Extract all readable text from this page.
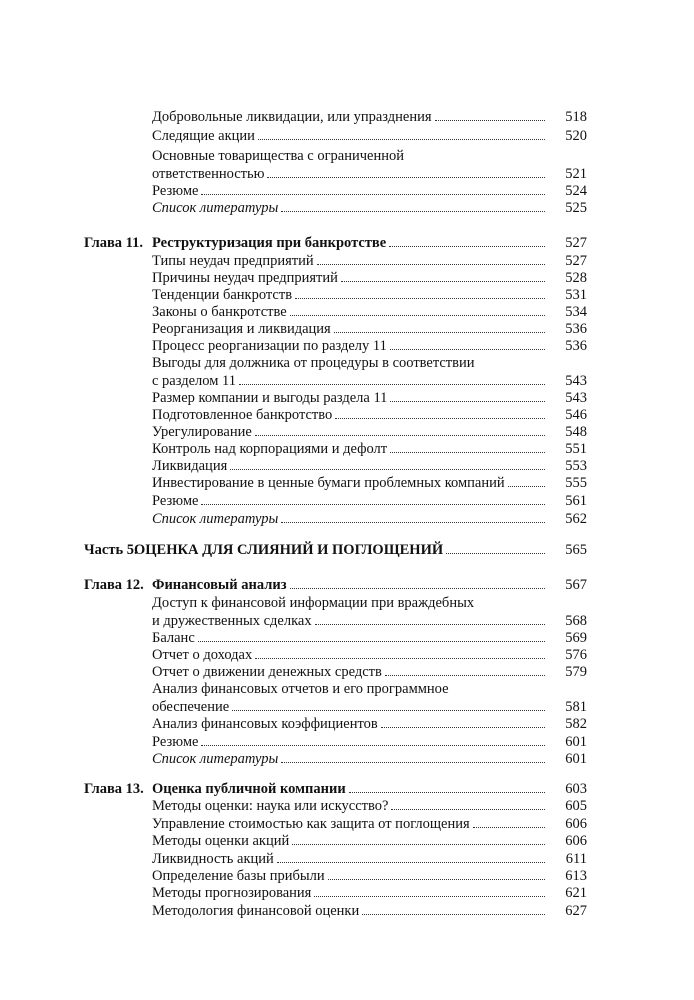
Добровольные ликвидации, или упразднения	518
Следящие акции	520
Основные товарищества с ограниченной
ответственностью	521
Резюме	524
Список литературы	525
Глава 11. Реструктуризация при банкротстве	527
Типы неудач предприятий	527
Причины неудач предприятий	528
Тенденции банкротств	531
Законы о банкротстве	534
Реорганизация и ликвидация	536
Процесс реорганизации по разделу 11	536
Выгоды для должника от процедуры в соответствии
с разделом 11	543
Размер компании и выгоды раздела 11	543
Подготовленное банкротство	546
Урегулирование	548
Контроль над корпорациями и дефолт	551
Ликвидация	553
Инвестирование в ценные бумаги проблемных компаний	555
Резюме	561
Список литературы	562
Часть 5.
ОЦЕНКА ДЛЯ СЛИЯНИЙ И ПОГЛОЩЕНИЙ	565
Глава 12. Финансовый анализ	567
Доступ к финансовой информации при враждебных
и дружественных сделках	568
Баланс	569
Отчет о доходах	576
Отчет о движении денежных средств	579
Анализ финансовых отчетов и его программное
обеспечение	581
Анализ финансовых коэффициентов	582
Резюме	601
Список литературы	601
Глава 13. Оценка публичной компании	603
Методы оценки: наука или искусство?	605
Управление стоимостью как защита от поглощения	606
Методы оценки акций	606
Ликвидность акций	611
Определение базы прибыли	613
Методы прогнозирования	621
Методология финансовой оценки	627
